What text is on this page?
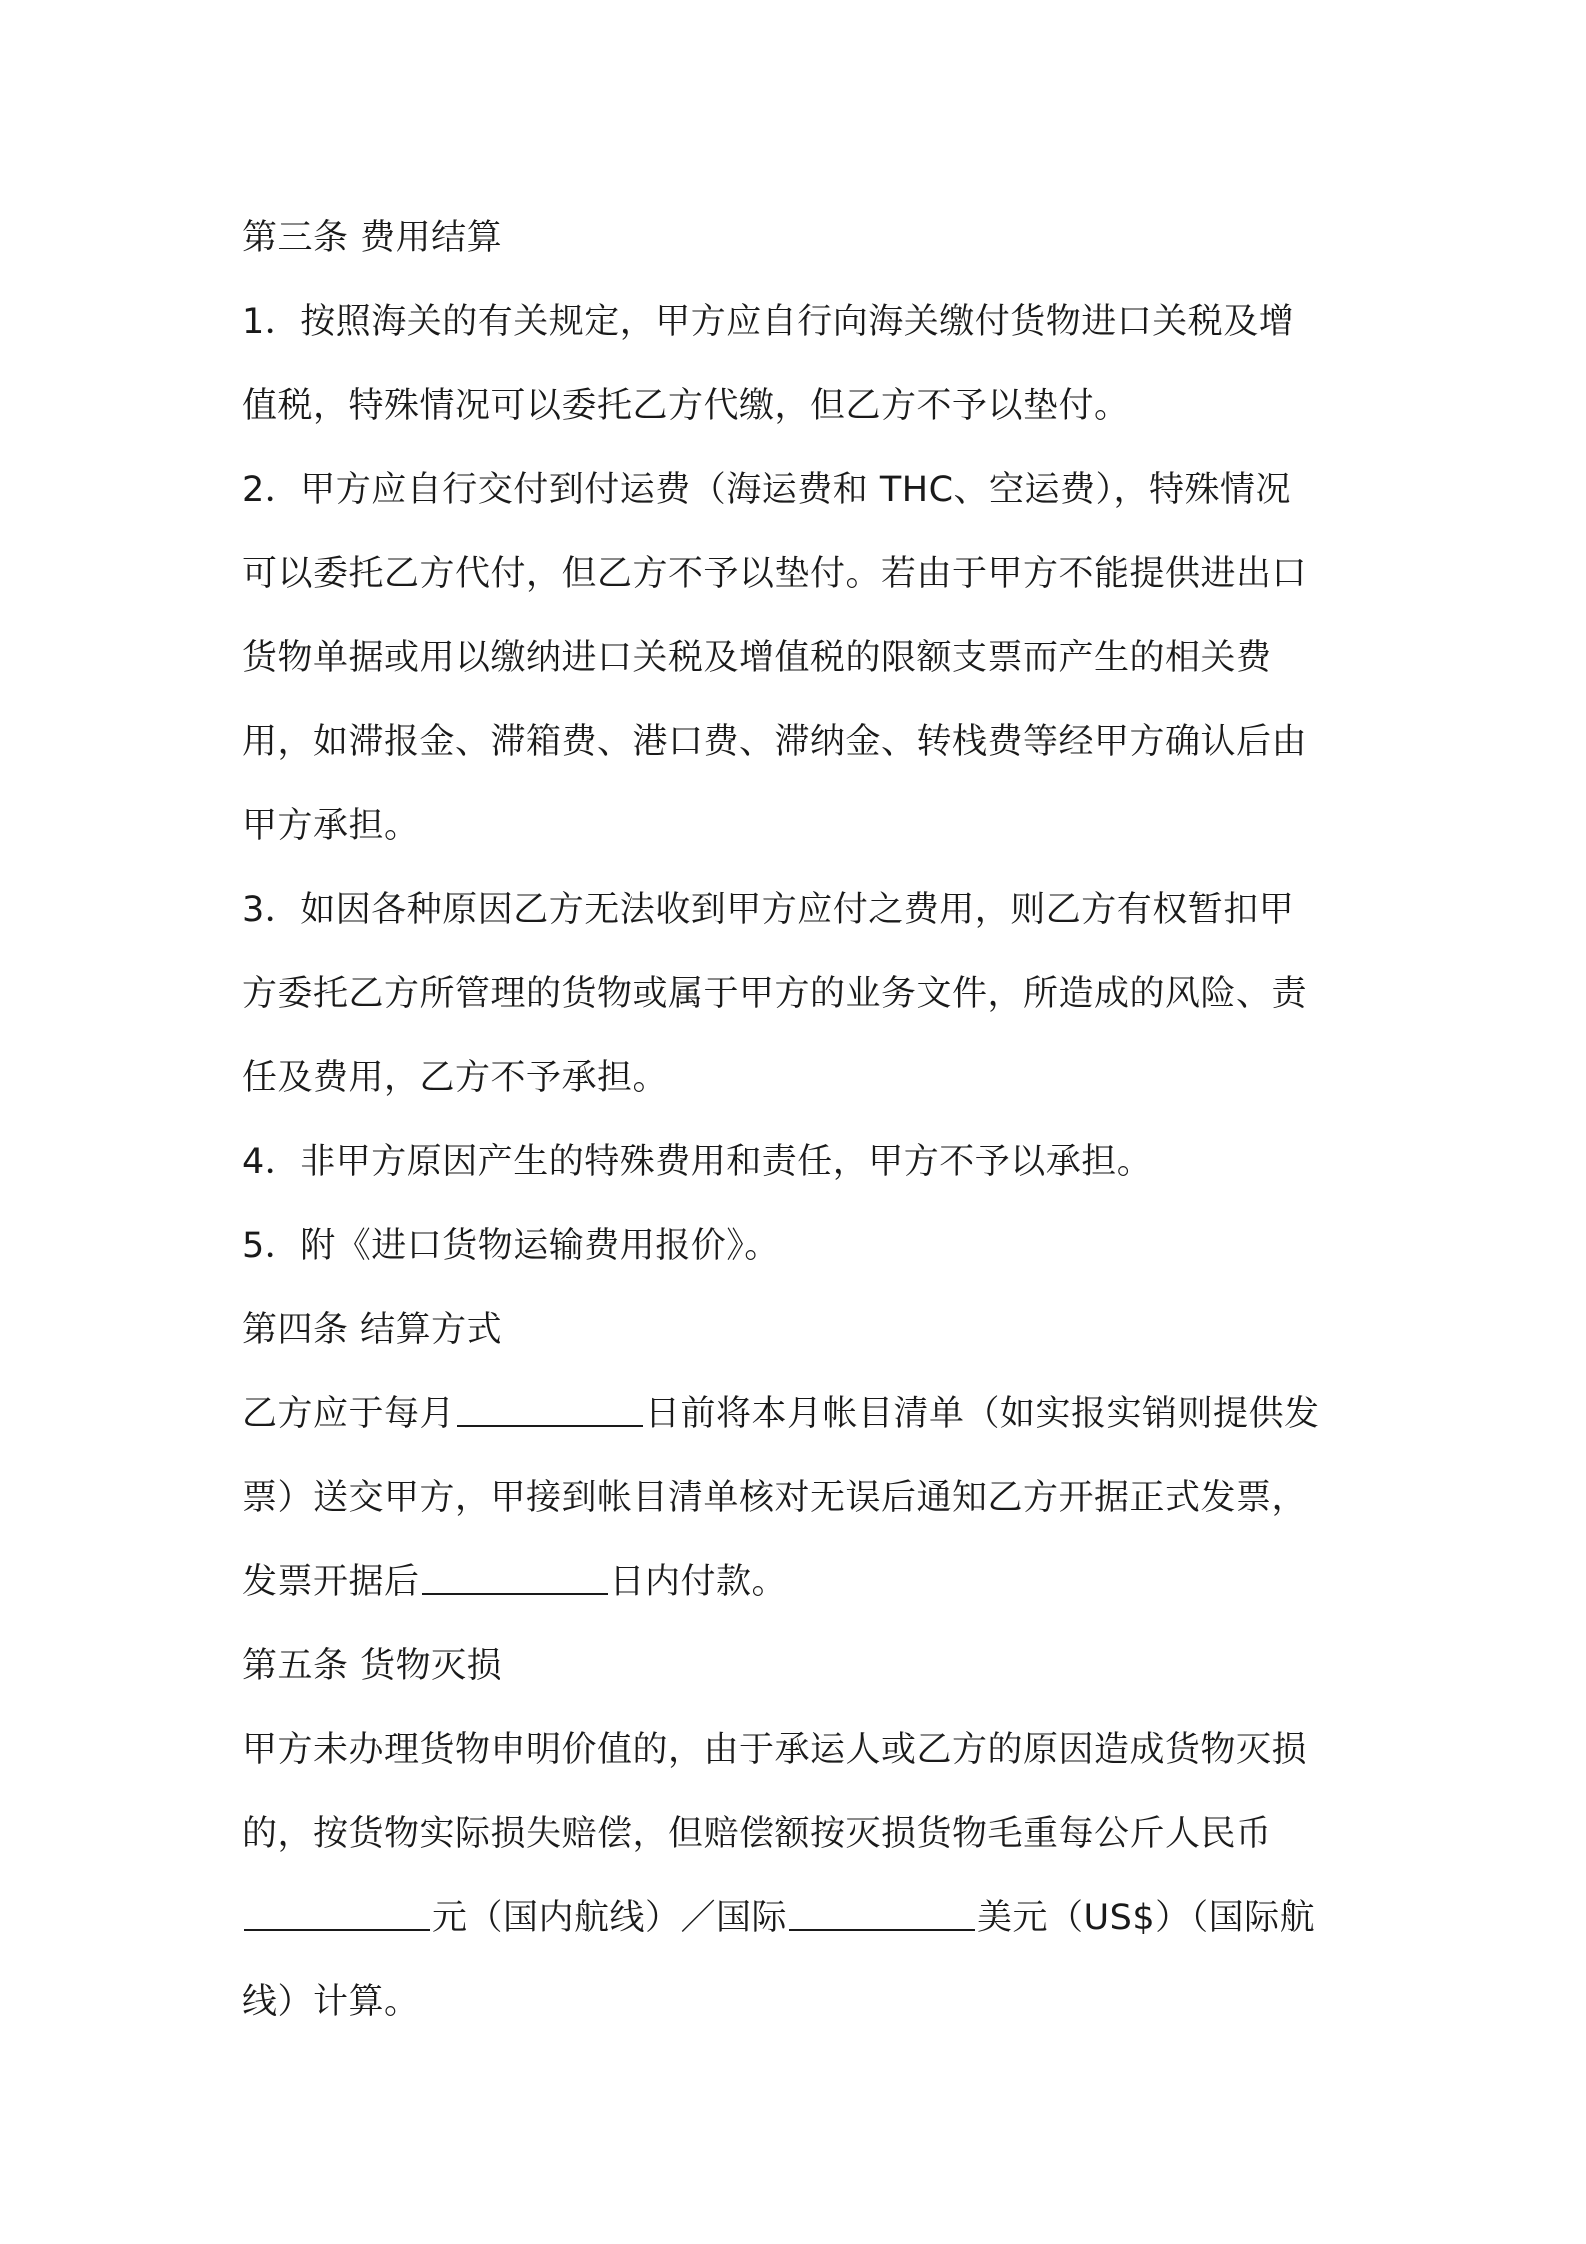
第三条 费用结算
1．按照海关的有关规定，甲方应自行向海关缴付货物进口关税及增
值税，特殊情况可以委托乙方代缴，但乙方不予以垫付。
2．甲方应自行交付到付运费（海运费和 THC、空运费），特殊情况
可以委托乙方代付，但乙方不予以垫付。若由于甲方不能提供进出口
货物单据或用以缴纳进口关税及增值税的限额支票而产生的相关费
用，如滞报金、滞箱费、港口费、滞纳金、转栈费等经甲方确认后由
甲方承担。
3．如因各种原因乙方无法收到甲方应付之费用，则乙方有权暂扣甲
方委托乙方所管理的货物或属于甲方的业务文件，所造成的风险、责
任及费用，乙方不予承担。
4．非甲方原因产生的特殊费用和责任，甲方不予以承担。
5．附《进口货物运输费用报价》。
第四条 结算方式
乙方应于每月	日前将本月帐目清单（如实报实销则提供发
票）送交甲方，甲接到帐目清单核对无误后通知乙方开据正式发票，
发票开据后	日内付款。
第五条 货物灭损
甲方未办理货物申明价值的，由于承运人或乙方的原因造成货物灭损
的，按货物实际损失赔偿，但赔偿额按灭损货物毛重每公斤人民币
元（国内航线）／国际	美元（US$）（国际航
线）计算。
